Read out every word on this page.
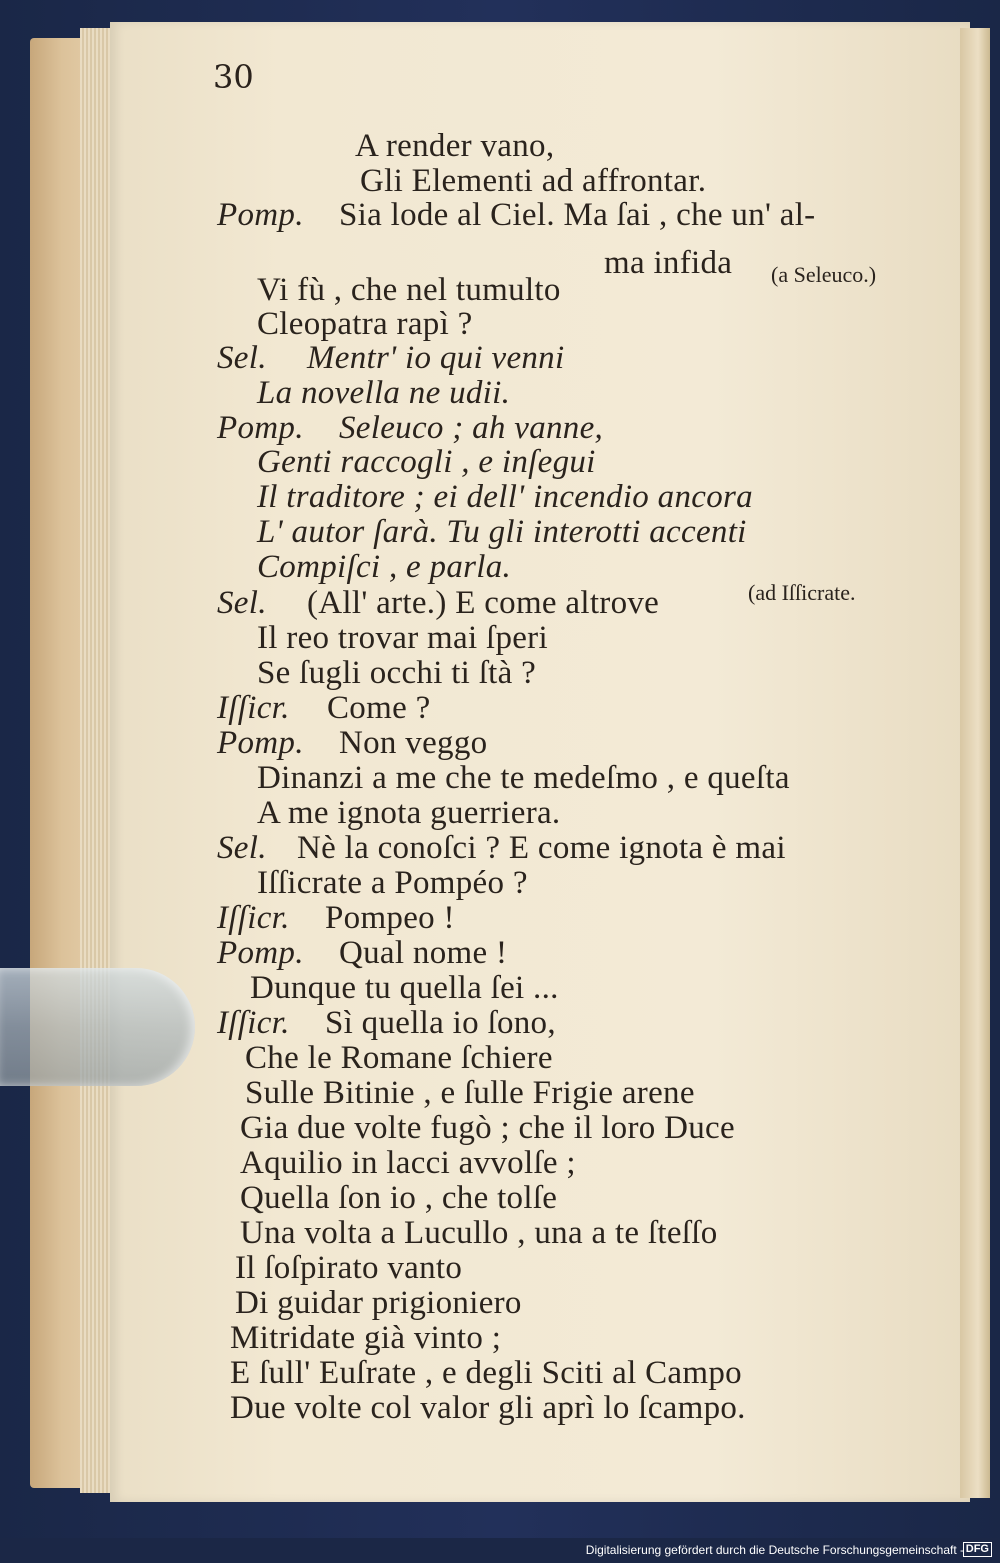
30
A render vano,
Gli Elementi ad affrontar.
Pomp. Sia lode al Ciel. Ma ſai , che un' al-
ma infida (a Seleuco.)
Vi fù , che nel tumulto
Cleopatra rapì ?
Sel. Mentr' io qui venni
La novella ne udii.
Pomp. Seleuco ; ah vanne,
Genti raccogli , e inſegui
Il traditore ; ei dell' incendio ancora
L' autor ſarà. Tu gli interotti accenti
Compiſci , e parla.
(ad Iſſicrate.
Sel. (All' arte.) E come altrove
Il reo trovar mai ſperi
Se ſugli occhi ti ſtà ?
Iſſicr. Come ?
Pomp. Non veggo
Dinanzi a me che te medeſmo , e queſta
A me ignota guerriera.
Sel. Nè la conoſci ? E come ignota è mai
Iſſicrate a Pompéo ?
Iſſicr. Pompeo !
Pomp. Qual nome !
Dunque tu quella ſei ...
Iſſicr. Sì quella io ſono,
Che le Romane ſchiere
Sulle Bitinie , e ſulle Frigie arene
Gia due volte fugò ; che il loro Duce
Aquilio in lacci avvolſe ;
Quella ſon io , che tolſe
Una volta a Lucullo , una a te ſteſſo
Il ſoſpirato vanto
Di guidar prigioniero
Mitridate già vinto ;
E ſull' Euſrate , e degli Sciti al Campo
Due volte col valor gli aprì lo ſcampo.
Digitalisierung gefördert durch die Deutsche Forschungsgemeinschaft - DFG
